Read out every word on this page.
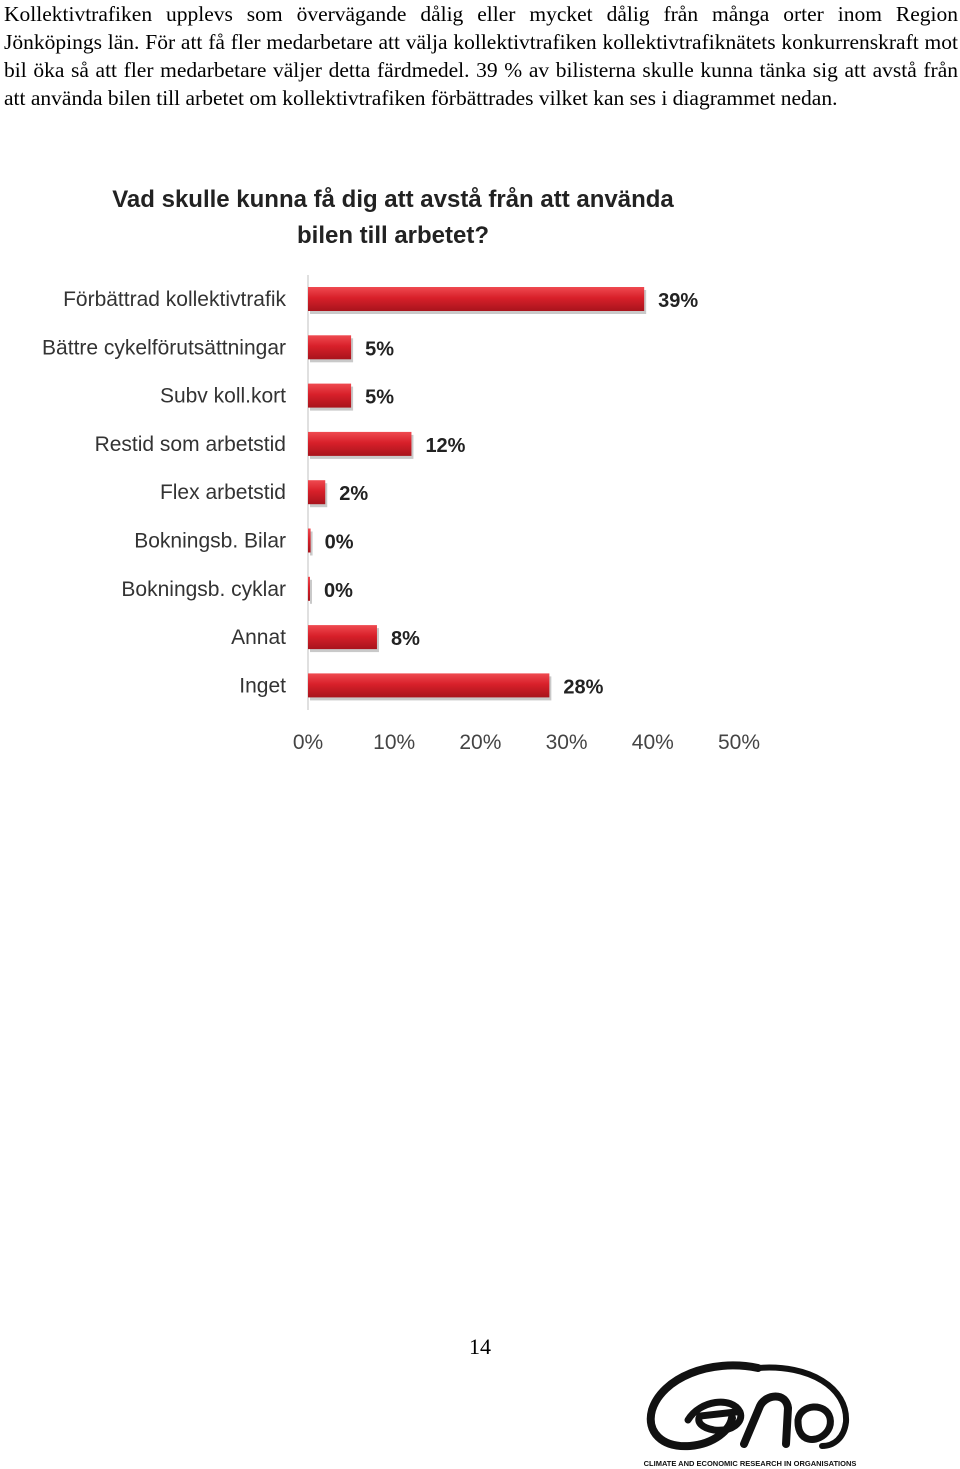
Kollektivtrafiken upplevs som övervägande dålig eller mycket dålig från många orter inom Region Jönköpings län. För att få fler medarbetare att välja kollektivtrafiken kollektivtrafiknätets konkurrenskraft mot bil öka så att fler medarbetare väljer detta färdmedel. 39 % av bilisterna skulle kunna tänka sig att avstå från att använda bilen till arbetet om kollektivtrafiken förbättrades vilket kan ses i diagrammet nedan.
Vad skulle kunna få dig att avstå från att använda
bilen till arbetet?
Förbättrad kollektivtrafik	39%
Bättre cykelförutsättningar	5%
Subv koll.kort	5%
Restid som arbetstid	12%
Flex arbetstid	2%
Bokningsb. Bilar 0%
Bokningsb. cyklar 0%
Annat	8%
Inget	28%
0% 10% 20% 30% 40% 50%
14
CLIMATE AND ECONOMIC RESEARCH IN ORGANISATIONS
